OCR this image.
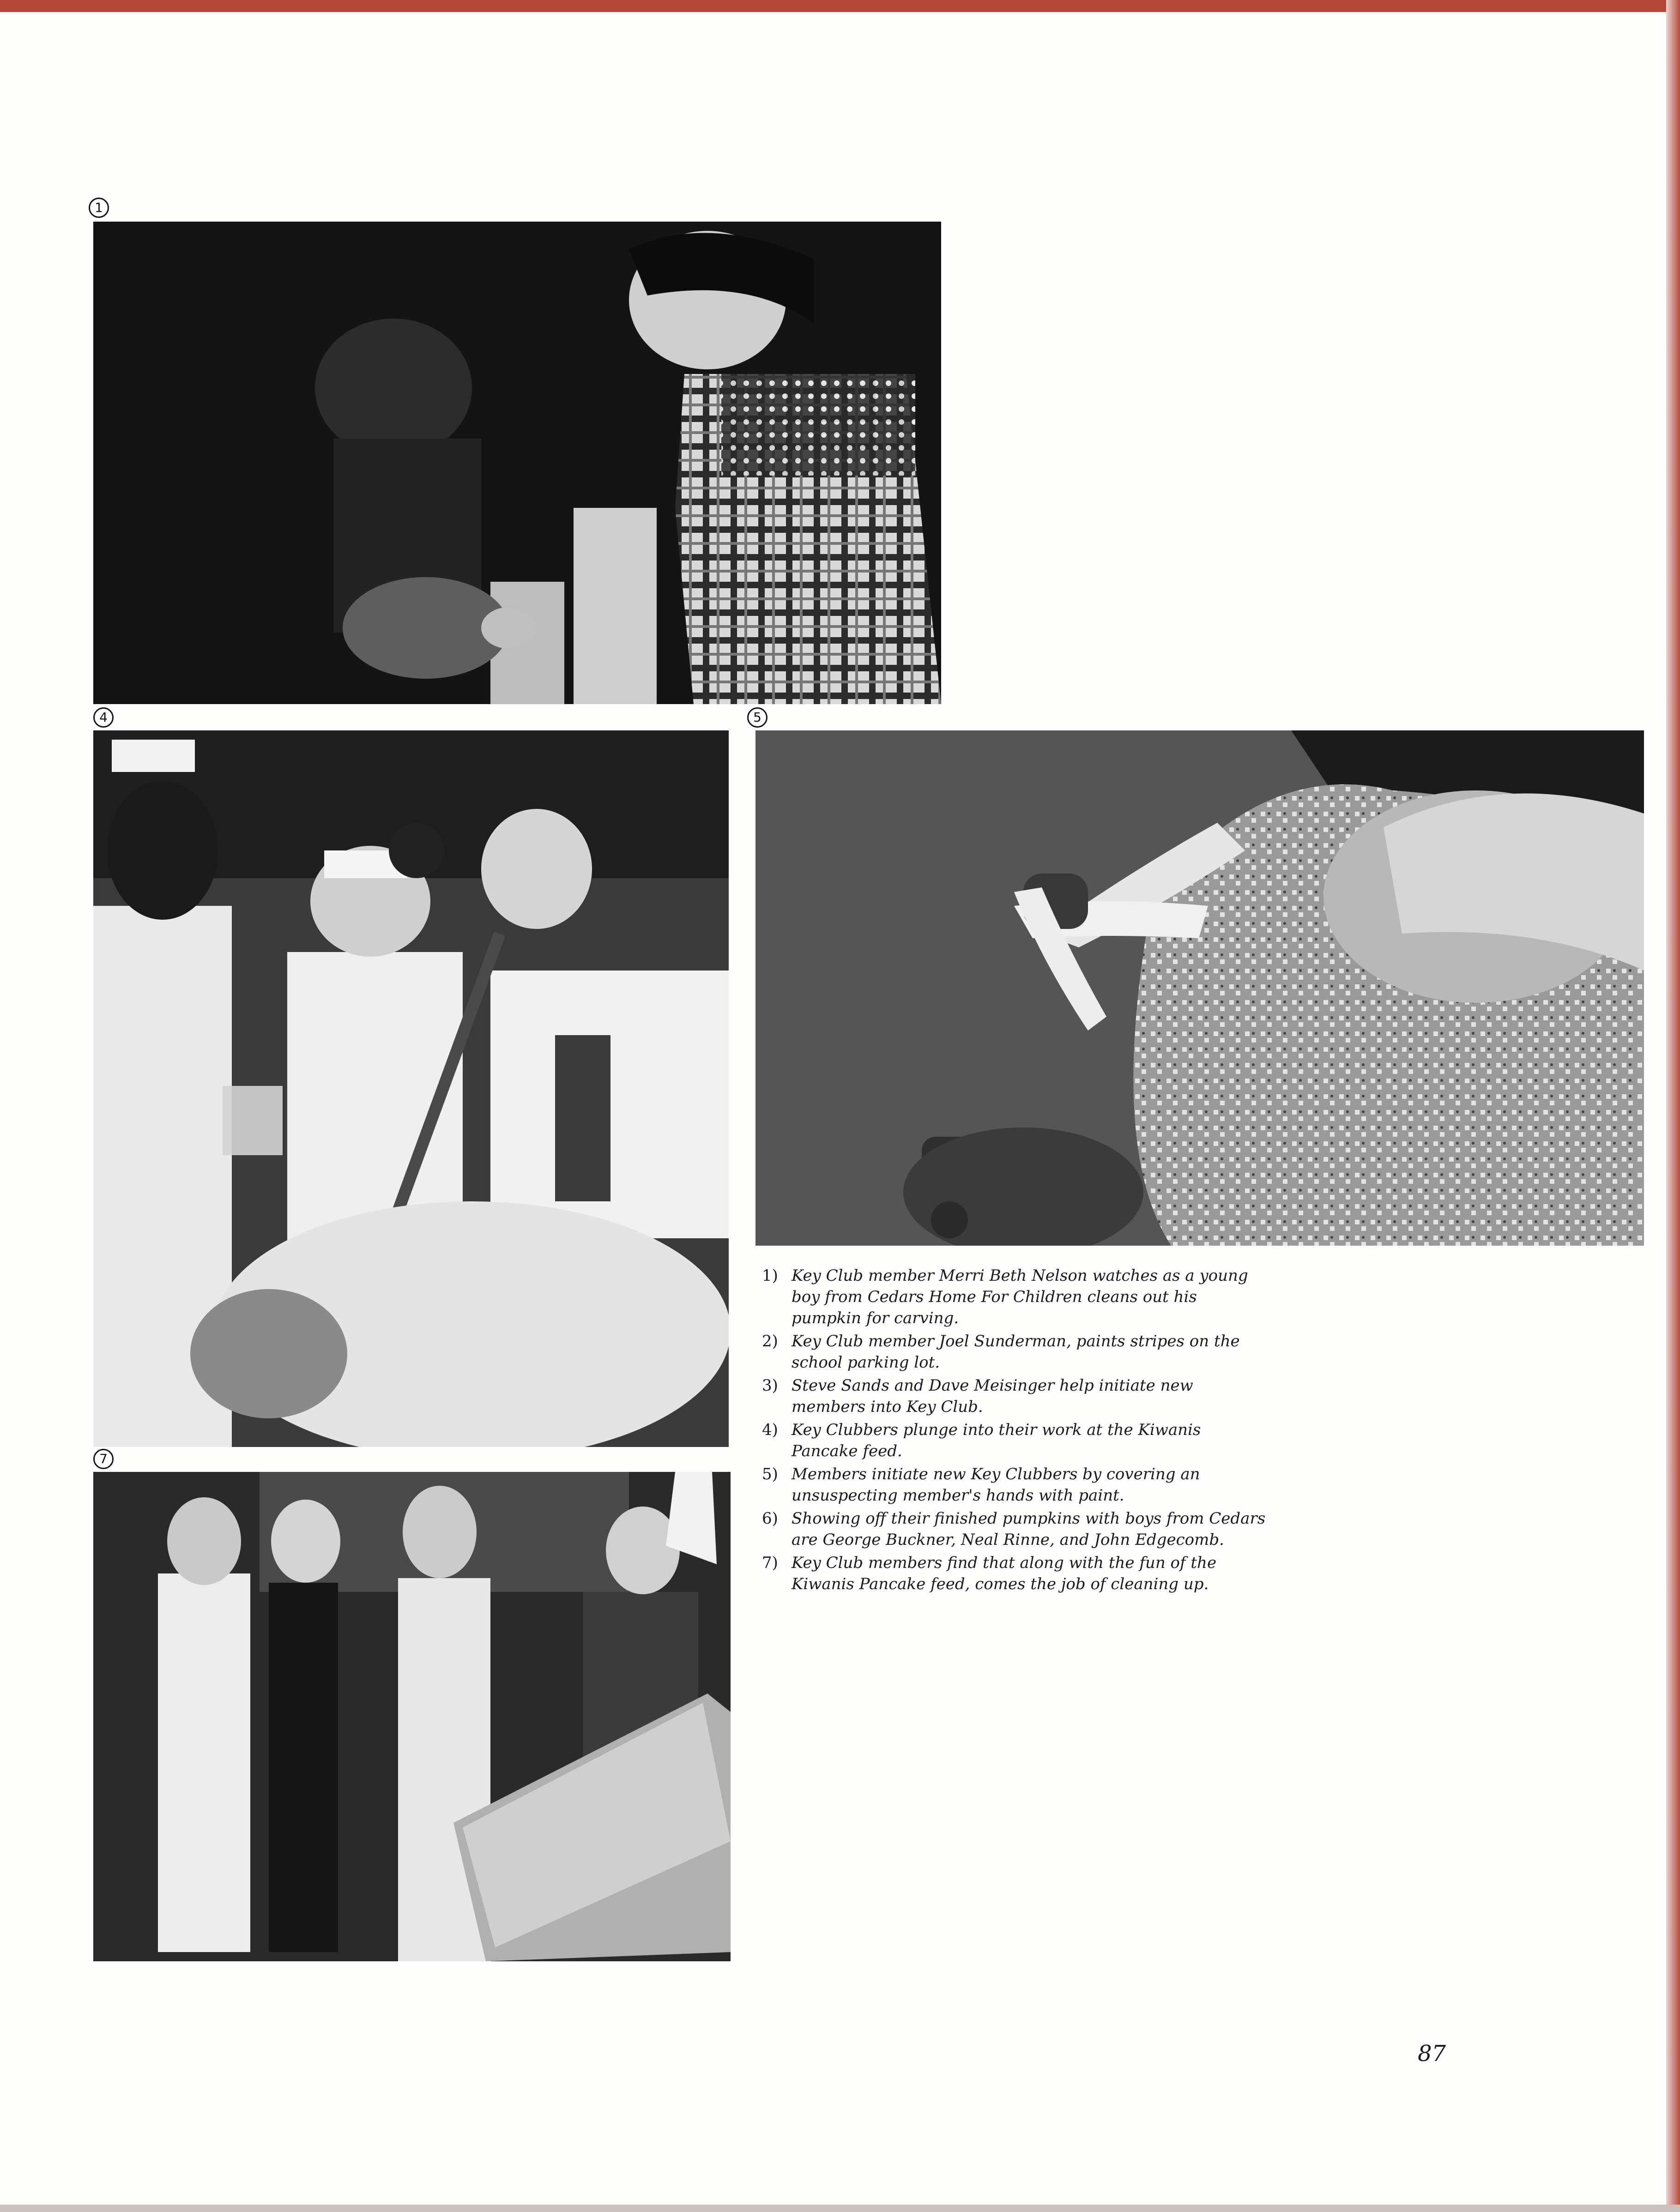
1
4	5
7
1) Key Club member Merri Beth Nelson watches as a young boy from Cedars Home For Children cleans out his pumpkin for carving.
2) Key Club member Joel Sunderman, paints stripes on the school parking lot.
3) Steve Sands and Dave Meisinger help initiate new members into Key Club.
4) Key Clubbers plunge into their work at the Kiwanis Pancake feed.
5) Members initiate new Key Clubbers by covering an unsuspecting member's hands with paint.
6) Showing off their finished pumpkins with boys from Cedars are George Buckner, Neal Rinne, and John Edgecomb.
7) Key Club members find that along with the fun of the Kiwanis Pancake feed, comes the job of cleaning up.
87
